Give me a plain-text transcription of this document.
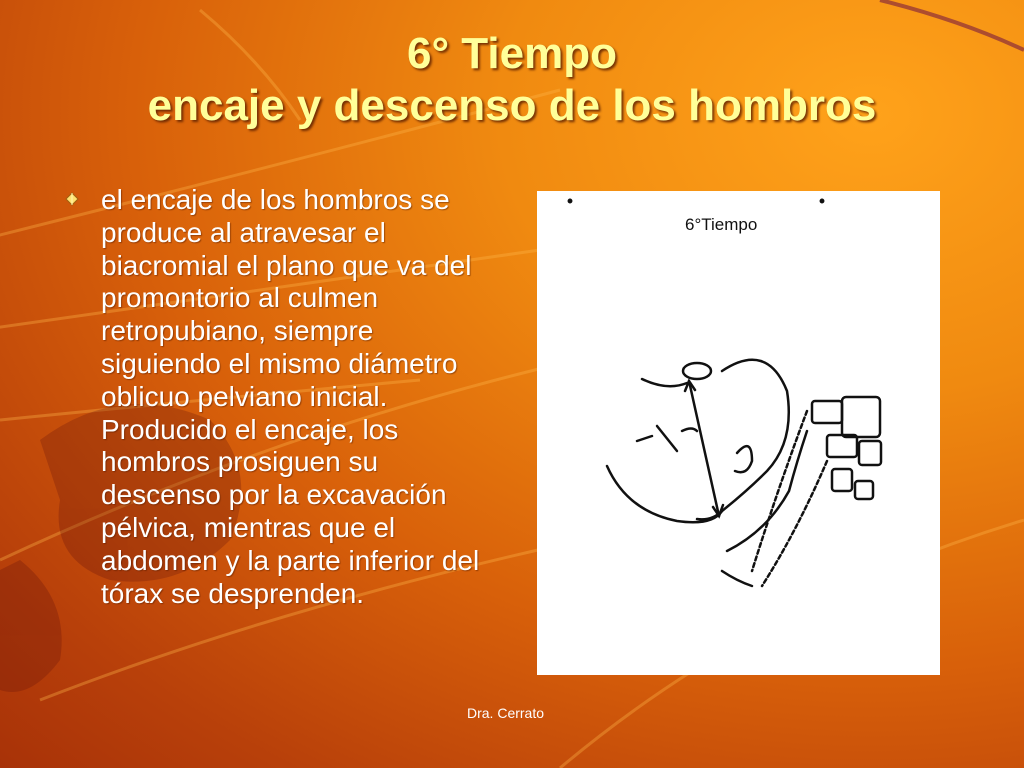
6° Tiempo
encaje y descenso de los hombros

el encaje de los hombros se produce al atravesar el biacromial el plano que va del promontorio al culmen retropubiano, siempre siguiendo el mismo diámetro oblicuo pelviano inicial. Producido el encaje, los hombros prosiguen su descenso por la excavación pélvica, mientras que el abdomen y la parte inferior del tórax se desprenden.

6°Tiempo
Dra. Cerrato
